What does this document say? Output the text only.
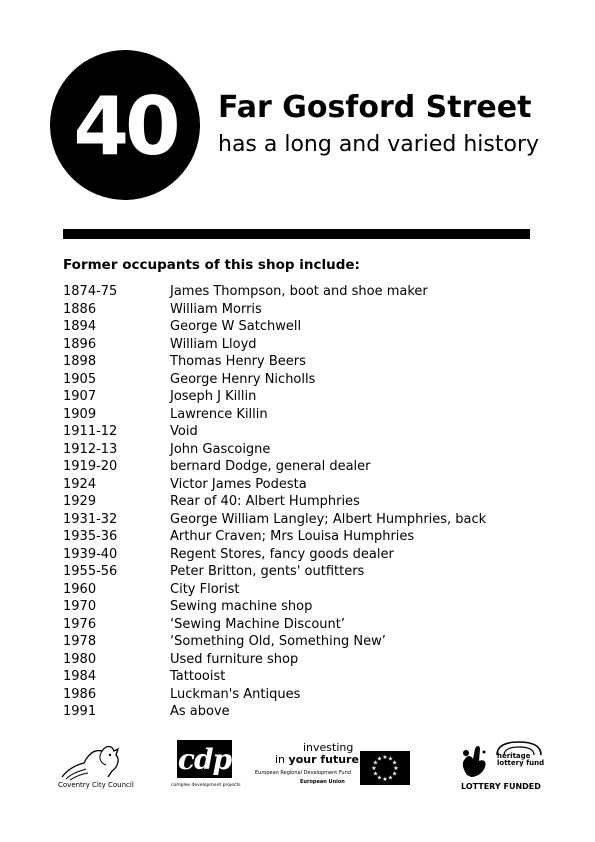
40 Far Gosford Street
has a long and varied history
Former occupants of this shop include:
1874-75	James Thompson, boot and shoe maker
1886	William Morris
1894	George W Satchwell
1896	William Lloyd
1898	Thomas Henry Beers
1905	George Henry Nicholls
1907	Joseph J Killin
1909	Lawrence Killin
1911-12	Void
1912-13	John Gascoigne
1919-20	bernard Dodge, general dealer
1924	Victor James Podesta
1929	Rear of 40: Albert Humphries
1931-32	George William Langley; Albert Humphries, back
1935-36	Arthur Craven; Mrs Louisa Humphries
1939-40	Regent Stores, fancy goods dealer
1955-56	Peter Britton, gents' outfitters
1960	City Florist
1970	Sewing machine shop
1976	‘Sewing Machine Discount’
1978	‘Something Old, Something New’
1980	Used furniture shop
1984	Tattooist
1986	Luckman's Antiques
1991	As above
Coventry City Council
cdp
complex development projects
investing
in your future
European Regional Development Fund
European Union
★
★
★
★
★
★
★
★
★ ★ ★
★
heritage
lottery fund
LOTTERY FUNDED
